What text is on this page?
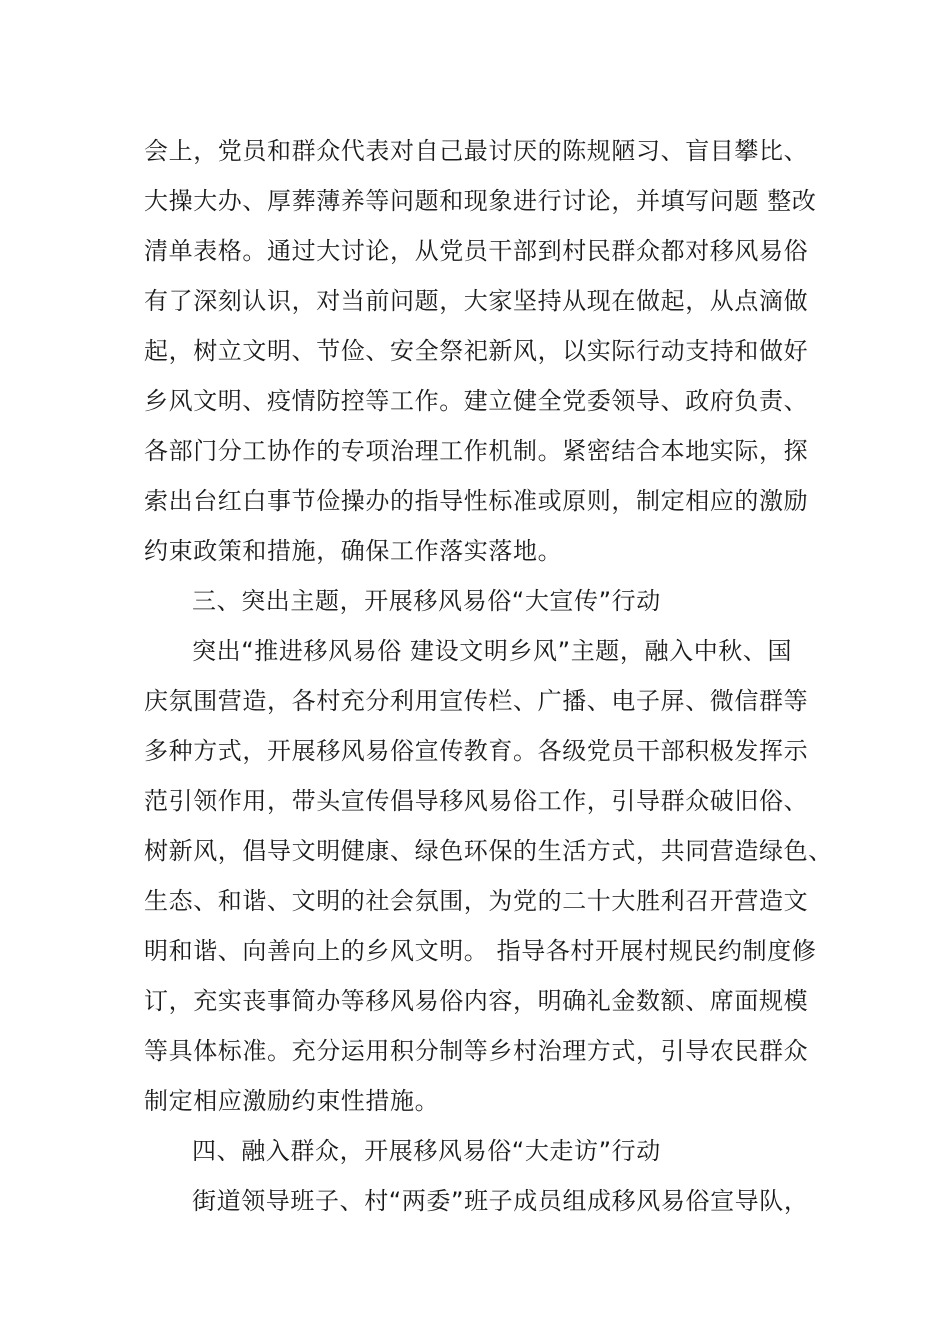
会上，党员和群众代表对自己最讨厌的陈规陋习、盲目攀比、
大操大办、厚葬薄养等问题和现象进行讨论，并填写问题 整改
清单表格。通过大讨论，从党员干部到村民群众都对移风易俗
有了深刻认识，对当前问题，大家坚持从现在做起，从点滴做
起，树立文明、节俭、安全祭祀新风，以实际行动支持和做好
乡风文明、疫情防控等工作。建立健全党委领导、政府负责、
各部门分工协作的专项治理工作机制。紧密结合本地实际，探
索出台红白事节俭操办的指导性标准或原则，制定相应的激励
约束政策和措施，确保工作落实落地。
三、突出主题，开展移风易俗“大宣传”行动
突出“推进移风易俗 建设文明乡风”主题，融入中秋、国
庆氛围营造，各村充分利用宣传栏、广播、电子屏、微信群等
多种方式，开展移风易俗宣传教育。各级党员干部积极发挥示
范引领作用，带头宣传倡导移风易俗工作，引导群众破旧俗、
树新风，倡导文明健康、绿色环保的生活方式，共同营造绿色、
生态、和谐、文明的社会氛围，为党的二十大胜利召开营造文
明和谐、向善向上的乡风文明。 指导各村开展村规民约制度修
订，充实丧事简办等移风易俗内容，明确礼金数额、席面规模
等具体标准。充分运用积分制等乡村治理方式，引导农民群众
制定相应激励约束性措施。
四、融入群众，开展移风易俗“大走访”行动
街道领导班子、村“两委”班子成员组成移风易俗宣导队，
